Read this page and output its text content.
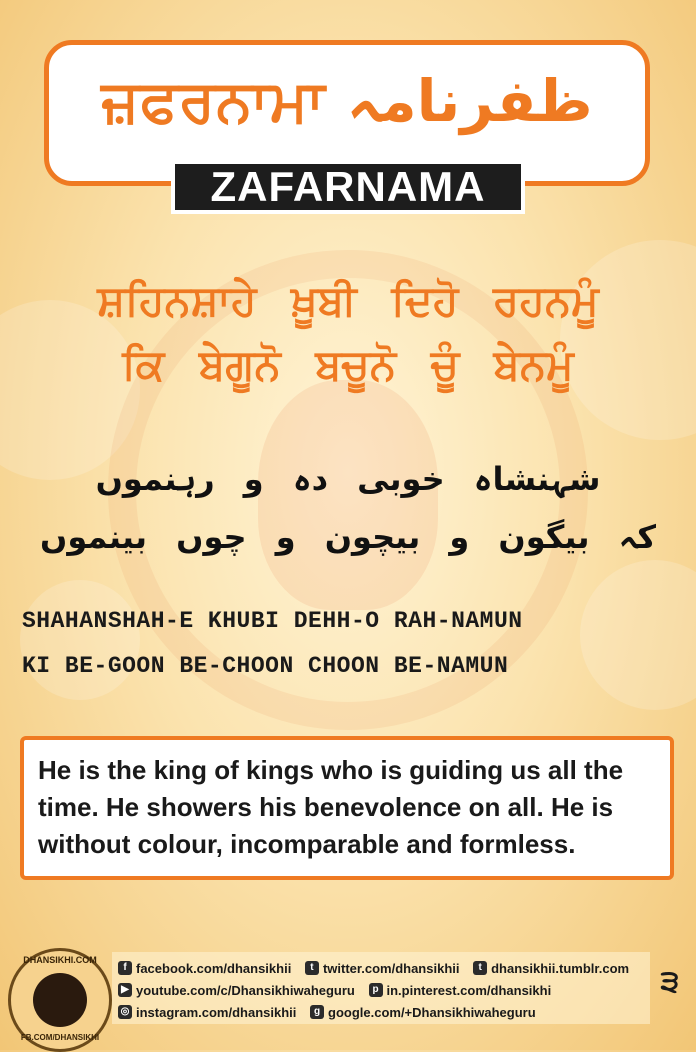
ਜ਼ਫਰਨਾਮਾ ظفرنامہ
ZAFARNAMA
ਸ਼ਹਿਨਸ਼ਾਹੇ ਖ਼ੂਬੀ ਦਿਹੋ ਰਹਨਮੂੰ
ਕਿ ਬੇਗੂਨੋ ਬਚੂਨੋ ਚੂੰ ਬੇਨਮੂੰ
شہنشاہ خوبی دہ و رہنموں
کہ بیگون و بیچون و چوں بینموں
SHAHANSHAH-E KHUBI DEHH-O RAH-NAMUN
KI BE-GOON BE-CHOON CHOON BE-NAMUN
He is the king of kings who is guiding us all the time. He showers his benevolence on all. He is without colour, incomparable and formless.
DHANSIKHI.COM
FB.COM/DHANSIKHI
f facebook.com/dhansikhii
	t twitter.com/dhansikhii
	t dhansikhii.tumblr.com
▶ youtube.com/c/Dhansikhiwaheguru
	p in.pinterest.com/dhansikhi
◎ instagram.com/dhansikhii
	g google.com/+Dhansikhiwaheguru
੩
